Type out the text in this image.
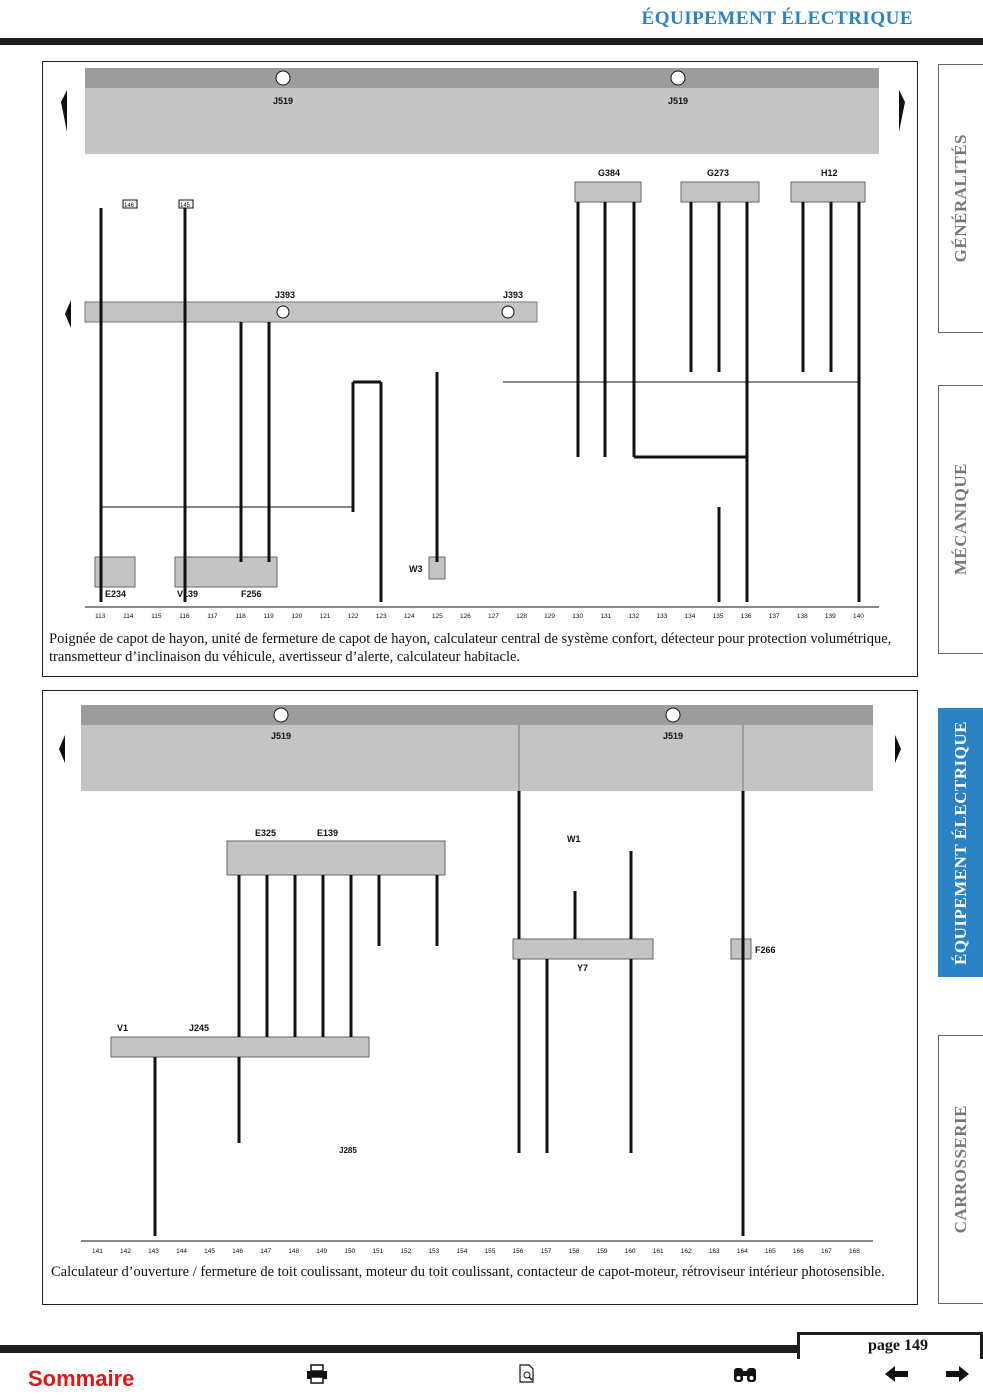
ÉQUIPEMENT ÉLECTRIQUE
GÉNÉRALITÉS
MÉCANIQUE
ÉQUIPEMENT ÉLECTRIQUE
CARROSSERIE
J519	J519
J393	J393
146	145
G384	G273	H12
E234	V139	F256
W3
113	114	115	116	117	118	119	120	121	122	123	124	125	126	127	128	129	130	131	132	133	134	135	136	137	138	139	140
Poignée de capot de hayon, unité de fermeture de capot de hayon, calculateur central de système confort, détecteur pour protection volumétrique, transmetteur d’inclinaison du véhicule, avertisseur d’alerte, calculateur habitacle.
J519	J519
E325	E139
W1
Y7
F266
V1	J245
J285
141	142	143	144	145	146	147	148	149	150	151	152	153	154	155	156	157	158	159	160	161	162	163	164	165	166	167	168
Calculateur d’ouverture / fermeture de toit coulissant, moteur du toit coulissant, contacteur de capot-moteur, rétroviseur intérieur photosensible.
page 149
Sommaire
